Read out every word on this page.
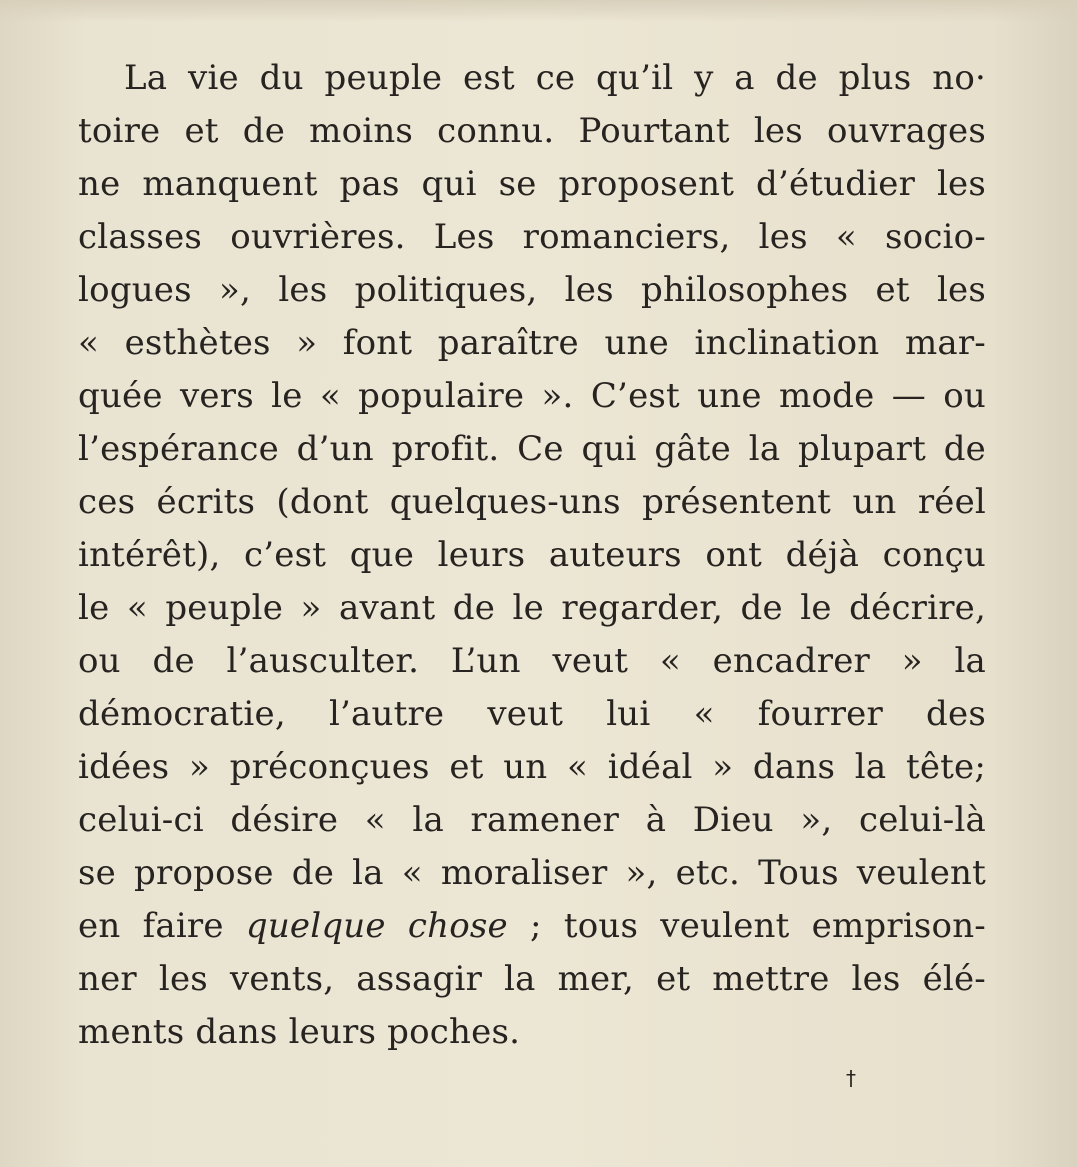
La vie du peuple est ce qu’il y a de plus no·
toire et de moins connu. Pourtant les ouvrages
ne manquent pas qui se proposent d’étudier les
classes ouvrières. Les romanciers, les « socio-
logues », les politiques, les philosophes et les
« esthètes » font paraître une inclination mar-
quée vers le « populaire ». C’est une mode — ou
l’espérance d’un profit. Ce qui gâte la plupart de
ces écrits (dont quelques-uns présentent un réel
intérêt), c’est que leurs auteurs ont déjà conçu
le « peuple » avant de le regarder, de le décrire,
ou de l’ausculter. L’un veut « encadrer » la
démocratie, l’autre veut lui « fourrer des
idées » préconçues et un « idéal » dans la tête;
celui-ci désire « la ramener à Dieu », celui-là
se propose de la « moraliser », etc. Tous veulent
en faire quelque chose ; tous veulent emprison-
ner les vents, assagir la mer, et mettre les élé-
ments dans leurs poches.
†
